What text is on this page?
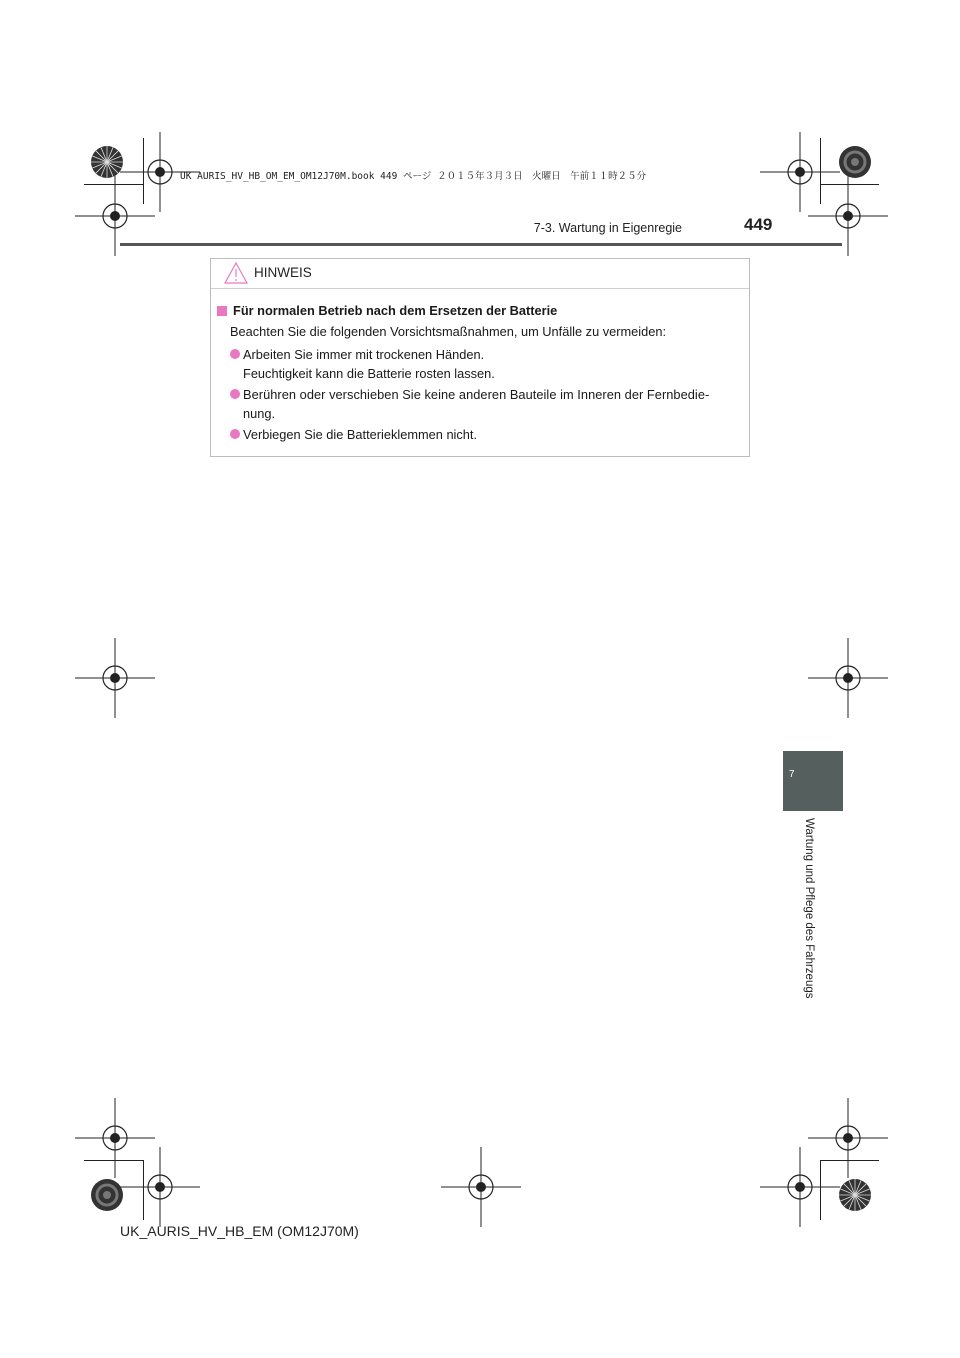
UK AURIS_HV_HB_OM_EM_OM12J70M.book 449 ページ ２０１５年３月３日　火曜日　午前１１時２５分
7-3. Wartung in Eigenregie	449
HINWEIS
Für normalen Betrieb nach dem Ersetzen der Batterie
Beachten Sie die folgenden Vorsichtsmaßnahmen, um Unfälle zu vermeiden:
Arbeiten Sie immer mit trockenen Händen.
Feuchtigkeit kann die Batterie rosten lassen.
Berühren oder verschieben Sie keine anderen Bauteile im Inneren der Fernbedie-
nung.
Verbiegen Sie die Batterieklemmen nicht.
7
Wartung und Pflege des Fahrzeugs
UK_AURIS_HV_HB_EM (OM12J70M)
